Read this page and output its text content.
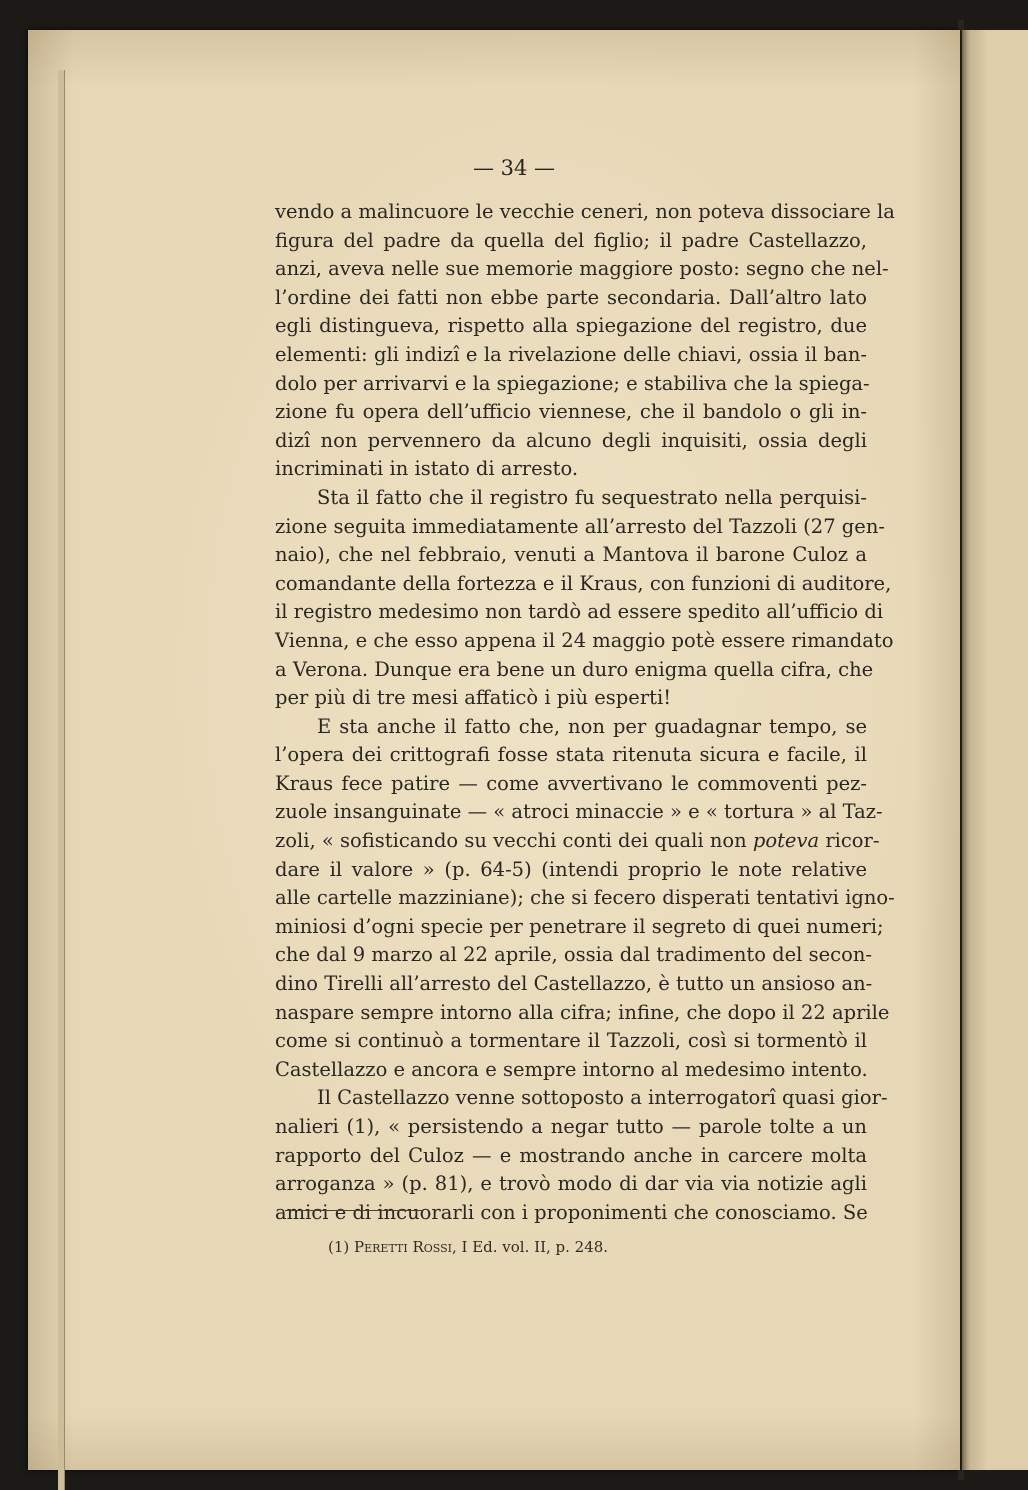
— 34 —
vendo a malincuore le vecchie ceneri, non poteva dissociare la
figura del padre da quella del figlio; il padre Castellazzo,
anzi, aveva nelle sue memorie maggiore posto: segno che nel-
l’ordine dei fatti non ebbe parte secondaria. Dall’altro lato
egli distingueva, rispetto alla spiegazione del registro, due
elementi: gli indizî e la rivelazione delle chiavi, ossia il ban-
dolo per arrivarvi e la spiegazione; e stabiliva che la spiega-
zione fu opera dell’ufficio viennese, che il bandolo o gli in-
dizî non pervennero da alcuno degli inquisiti, ossia degli
incriminati in istato di arresto.
Sta il fatto che il registro fu sequestrato nella perquisi-
zione seguita immediatamente all’arresto del Tazzoli (27 gen-
naio), che nel febbraio, venuti a Mantova il barone Culoz a
comandante della fortezza e il Kraus, con funzioni di auditore,
il registro medesimo non tardò ad essere spedito all’ufficio di
Vienna, e che esso appena il 24 maggio potè essere rimandato
a Verona. Dunque era bene un duro enigma quella cifra, che
per più di tre mesi affaticò i più esperti!
E sta anche il fatto che, non per guadagnar tempo, se
l’opera dei crittografi fosse stata ritenuta sicura e facile, il
Kraus fece patire — come avvertivano le commoventi pez-
zuole insanguinate — « atroci minaccie » e « tortura » al Taz-
zoli, « sofisticando su vecchi conti dei quali non poteva ricor-
dare il valore » (p. 64-5) (intendi proprio le note relative
alle cartelle mazziniane); che si fecero disperati tentativi igno-
miniosi d’ogni specie per penetrare il segreto di quei numeri;
che dal 9 marzo al 22 aprile, ossia dal tradimento del secon-
dino Tirelli all’arresto del Castellazzo, è tutto un ansioso an-
naspare sempre intorno alla cifra; infine, che dopo il 22 aprile
come si continuò a tormentare il Tazzoli, così si tormentò il
Castellazzo e ancora e sempre intorno al medesimo intento.
Il Castellazzo venne sottoposto a interrogatorî quasi gior-
nalieri (1), « persistendo a negar tutto — parole tolte a un
rapporto del Culoz — e mostrando anche in carcere molta
arroganza » (p. 81), e trovò modo di dar via via notizie agli
amici e di incuorarli con i proponimenti che conosciamo. Se
(1) Peretti Rossi, I Ed. vol. II, p. 248.
